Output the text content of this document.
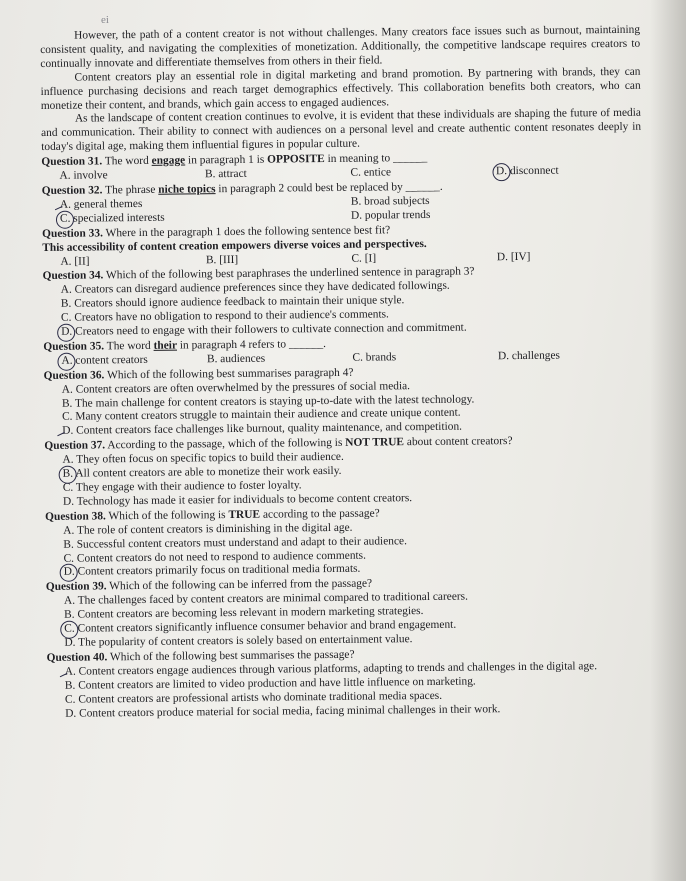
ei

However, the path of a content creator is not without challenges. Many creators face issues such as burnout, maintaining consistent quality, and navigating the complexities of monetization. Additionally, the competitive landscape requires creators to continually innovate and differentiate themselves from others in their field.

Content creators play an essential role in digital marketing and brand promotion. By partnering with brands, they can influence purchasing decisions and reach target demographics effectively. This collaboration benefits both creators, who can monetize their content, and brands, which gain access to engaged audiences.

As the landscape of content creation continues to evolve, it is evident that these individuals are shaping the future of media and communication. Their ability to connect with audiences on a personal level and create authentic content resonates deeply in today's digital age, making them influential figures in popular culture.

Question 31. The word engage in paragraph 1 is OPPOSITE in meaning to ______

A. involve	B. attract	C. entice	D. disconnect

Question 32. The phrase niche topics in paragraph 2 could best be replaced by ______.

A. general themes	B. broad subjects
C. specialized interests	D. popular trends

Question 33. Where in the paragraph 1 does the following sentence best fit?

This accessibility of content creation empowers diverse voices and perspectives.

A. [II]	B. [III]	C. [I]	D. [IV]

Question 34. Which of the following best paraphrases the underlined sentence in paragraph 3?

A. Creators can disregard audience preferences since they have dedicated followings.

B. Creators should ignore audience feedback to maintain their unique style.

C. Creators have no obligation to respond to their audience's comments.

D. Creators need to engage with their followers to cultivate connection and commitment.

Question 35. The word their in paragraph 4 refers to ______.

A. content creators	B. audiences	C. brands	D. challenges

Question 36. Which of the following best summarises paragraph 4?

A. Content creators are often overwhelmed by the pressures of social media.

B. The main challenge for content creators is staying up-to-date with the latest technology.

C. Many content creators struggle to maintain their audience and create unique content.

D. Content creators face challenges like burnout, quality maintenance, and competition.

Question 37. According to the passage, which of the following is NOT TRUE about content creators?

A. They often focus on specific topics to build their audience.

B. All content creators are able to monetize their work easily.

C. They engage with their audience to foster loyalty.

D. Technology has made it easier for individuals to become content creators.

Question 38. Which of the following is TRUE according to the passage?

A. The role of content creators is diminishing in the digital age.

B. Successful content creators must understand and adapt to their audience.

C. Content creators do not need to respond to audience comments.

D. Content creators primarily focus on traditional media formats.

Question 39. Which of the following can be inferred from the passage?

A. The challenges faced by content creators are minimal compared to traditional careers.

B. Content creators are becoming less relevant in modern marketing strategies.

C. Content creators significantly influence consumer behavior and brand engagement.

D. The popularity of content creators is solely based on entertainment value.

Question 40. Which of the following best summarises the passage?

A. Content creators engage audiences through various platforms, adapting to trends and challenges in the digital age.

B. Content creators are limited to video production and have little influence on marketing.

C. Content creators are professional artists who dominate traditional media spaces.

D. Content creators produce material for social media, facing minimal challenges in their work.
